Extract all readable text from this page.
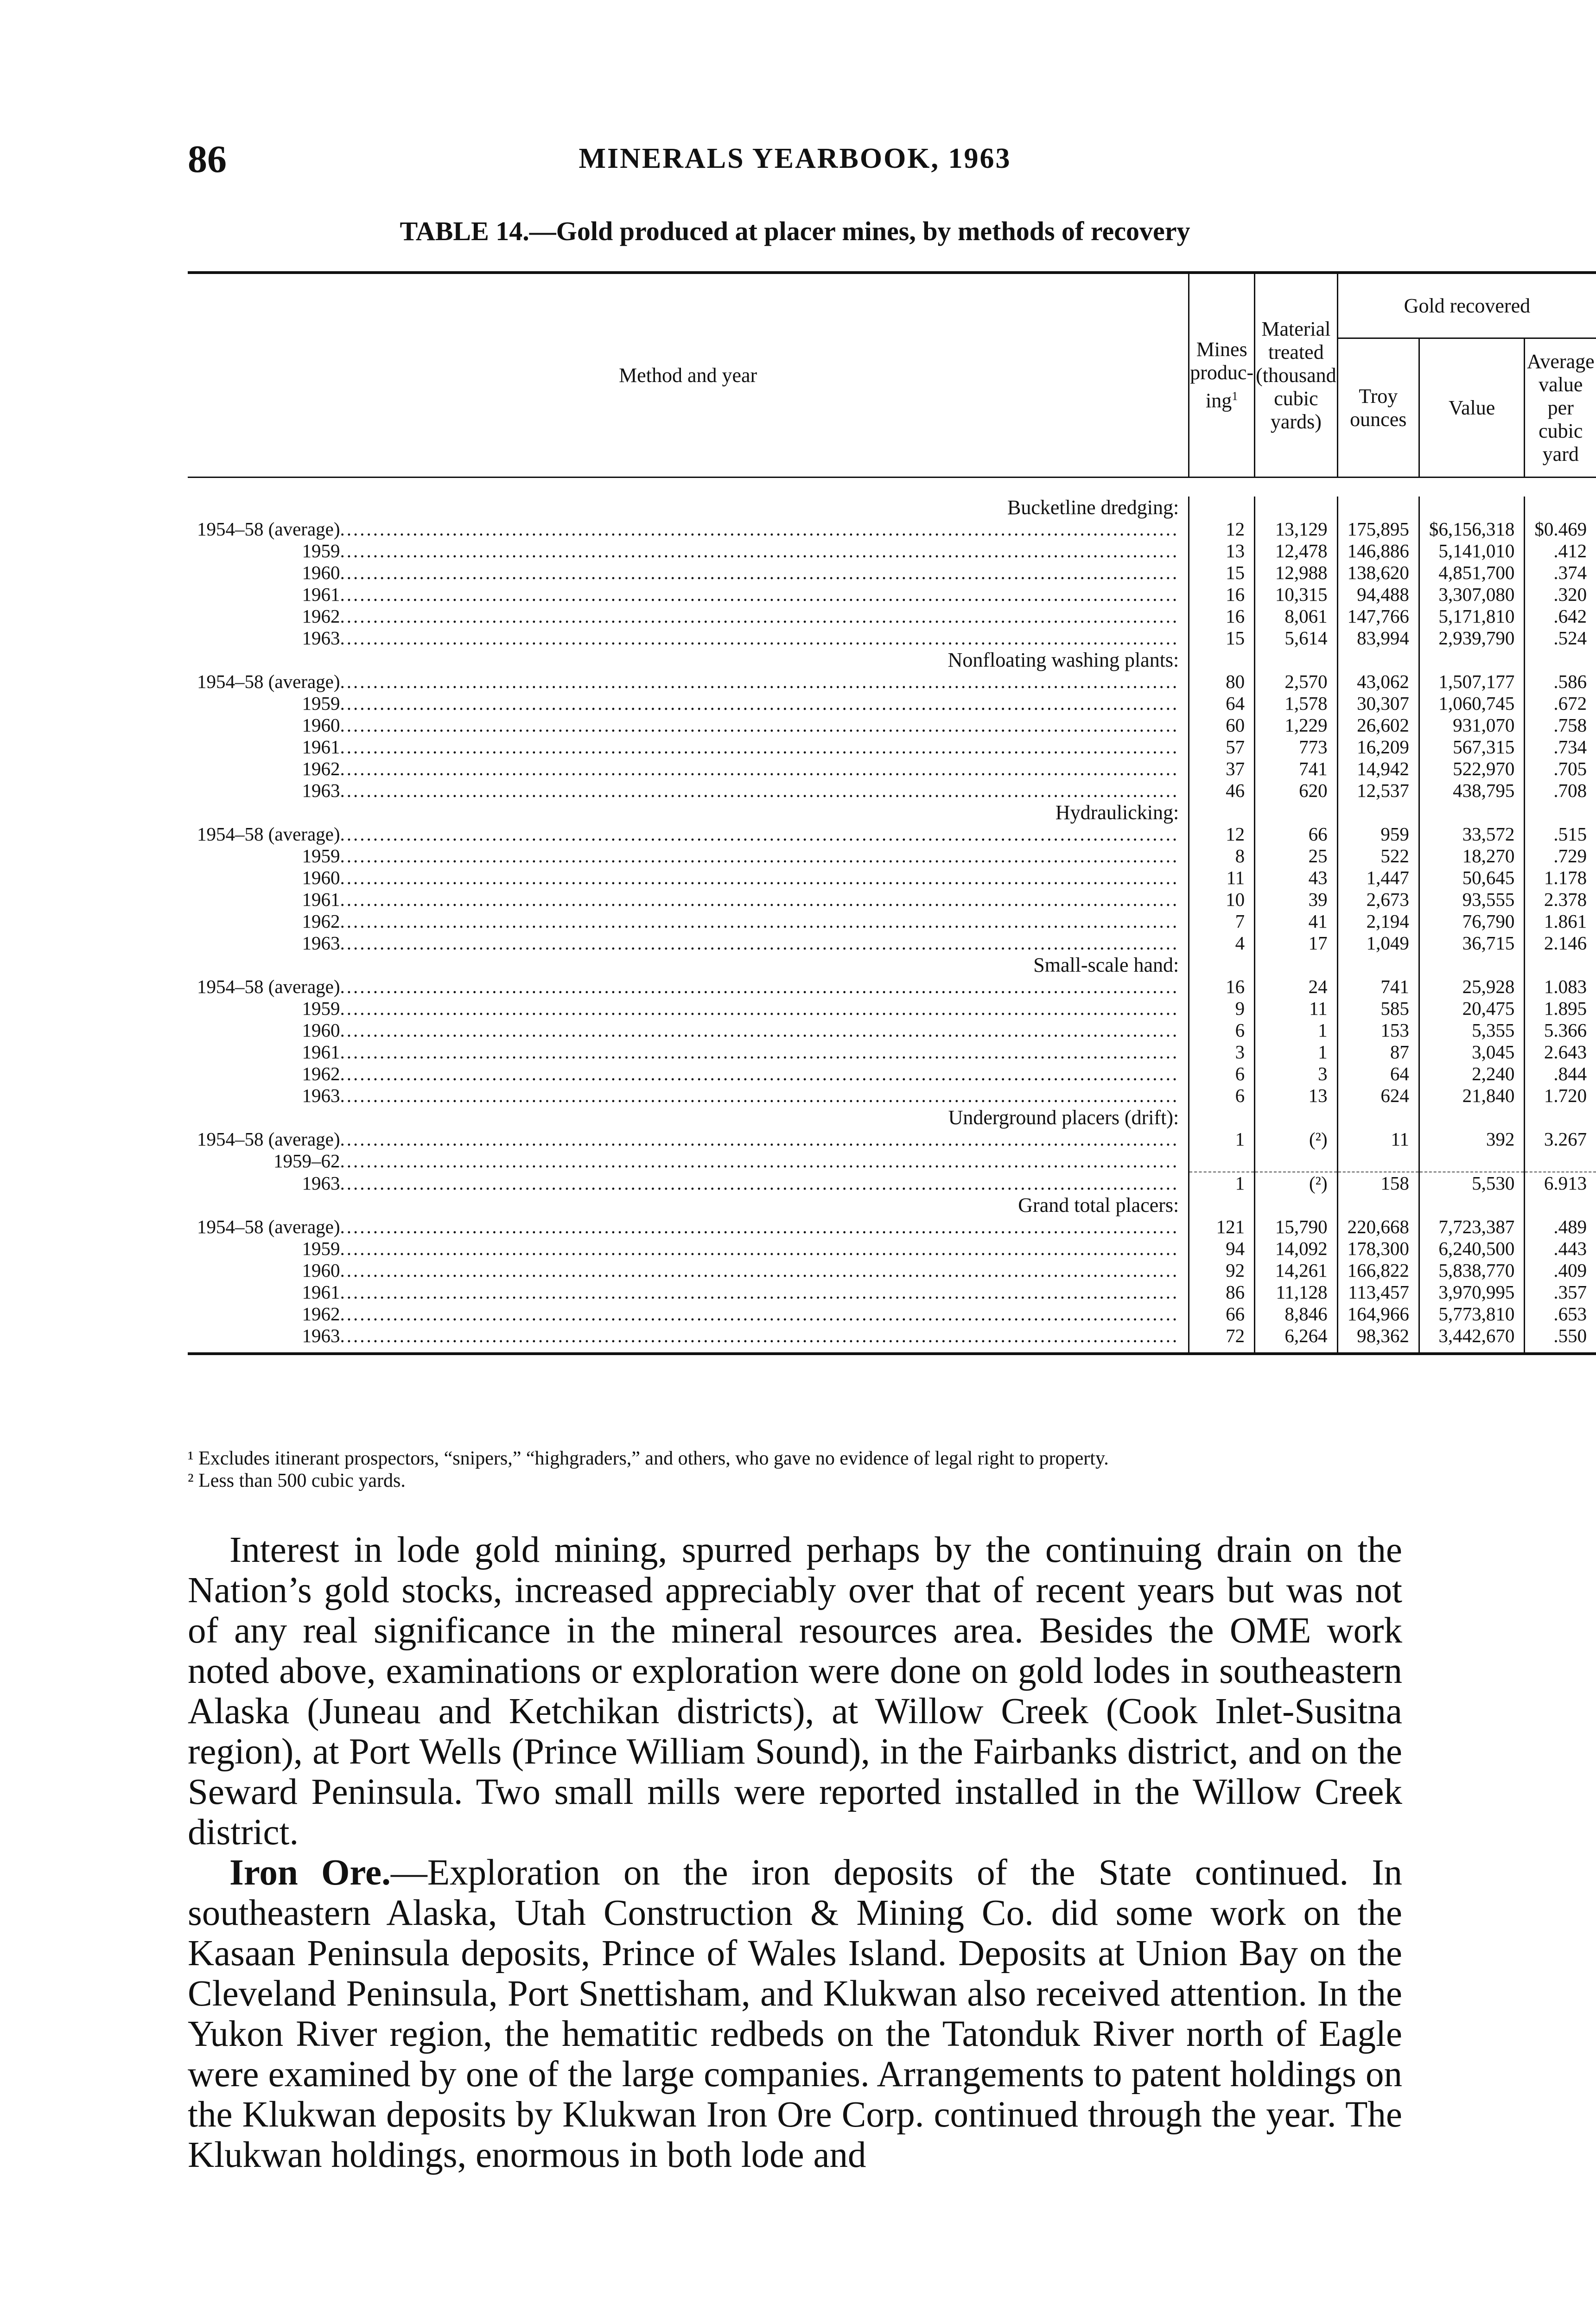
86	MINERALS YEARBOOK, 1963
TABLE 14.—Gold produced at placer mines, by methods of recovery
Method and year	Mines produc- ing$^1$	Material treated (thousand cubic yards)	Gold recovered		
			Troy ounces	Value	Average value per cubic yard

Bucketline dredging:					
1954–58 (average) .....	12	13,129	175,895	$6,156,318	$0.469
1959 .....	13	12,478	146,886	5,141,010	.412
1960 .....	15	12,988	138,620	4,851,700	.374
1961 .....	16	10,315	94,488	3,307,080	.320
1962 .....	16	8,061	147,766	5,171,810	.642
1963 .....	15	5,614	83,994	2,939,790	.524
Nonfloating washing plants:					
1954–58 (average) .....	80	2,570	43,062	1,507,177	.586
1959 .....	64	1,578	30,307	1,060,745	.672
1960 .....	60	1,229	26,602	931,070	.758
1961 .....	57	773	16,209	567,315	.734
1962 .....	37	741	14,942	522,970	.705
1963 .....	46	620	12,537	438,795	.708
Hydraulicking:					
1954–58 (average) .....	12	66	959	33,572	.515
1959 .....	8	25	522	18,270	.729
1960 .....	11	43	1,447	50,645	1.178
1961 .....	10	39	2,673	93,555	2.378
1962 .....	7	41	2,194	76,790	1.861
1963 .....	4	17	1,049	36,715	2.146
Small-scale hand:					
1954–58 (average) .....	16	24	741	25,928	1.083
1959 .....	9	11	585	20,475	1.895
1960 .....	6	1	153	5,355	5.366
1961 .....	3	1	87	3,045	2.643
1962 .....	6	3	64	2,240	.844
1963 .....	6	13	624	21,840	1.720
Underground placers (drift):					
1954–58 (average) .....	1	(²)	11	392	3.267
1959–62 .....					
1963 .....	1	(²)	158	5,530	6.913
Grand total placers:					
1954–58 (average) .....	121	15,790	220,668	7,723,387	.489
1959 .....	94	14,092	178,300	6,240,500	.443
1960 .....	92	14,261	166,822	5,838,770	.409
1961 .....	86	11,128	113,457	3,970,995	.357
1962 .....	66	8,846	164,966	5,773,810	.653
1963 .....	72	6,264	98,362	3,442,670	.550

¹ Excludes itinerant prospectors, “snipers,” “highgraders,” and others, who gave no evidence of legal right to property.

² Less than 500 cubic yards.

Interest in lode gold mining, spurred perhaps by the continuing drain on the Nation’s gold stocks, increased appreciably over that of recent years but was not of any real significance in the mineral resources area. Besides the OME work noted above, examinations or exploration were done on gold lodes in southeastern Alaska (Juneau and Ketchikan districts), at Willow Creek (Cook Inlet-Susitna region), at Port Wells (Prince William Sound), in the Fairbanks district, and on the Seward Peninsula. Two small mills were reported installed in the Willow Creek district.

Iron Ore.—Exploration on the iron deposits of the State continued. In southeastern Alaska, Utah Construction & Mining Co. did some work on the Kasaan Peninsula deposits, Prince of Wales Island. Deposits at Union Bay on the Cleveland Peninsula, Port Snettisham, and Klukwan also received attention. In the Yukon River region, the hematitic redbeds on the Tatonduk River north of Eagle were examined by one of the large companies. Arrangements to patent holdings on the Klukwan deposits by Klukwan Iron Ore Corp. continued through the year. The Klukwan holdings, enormous in both lode and
